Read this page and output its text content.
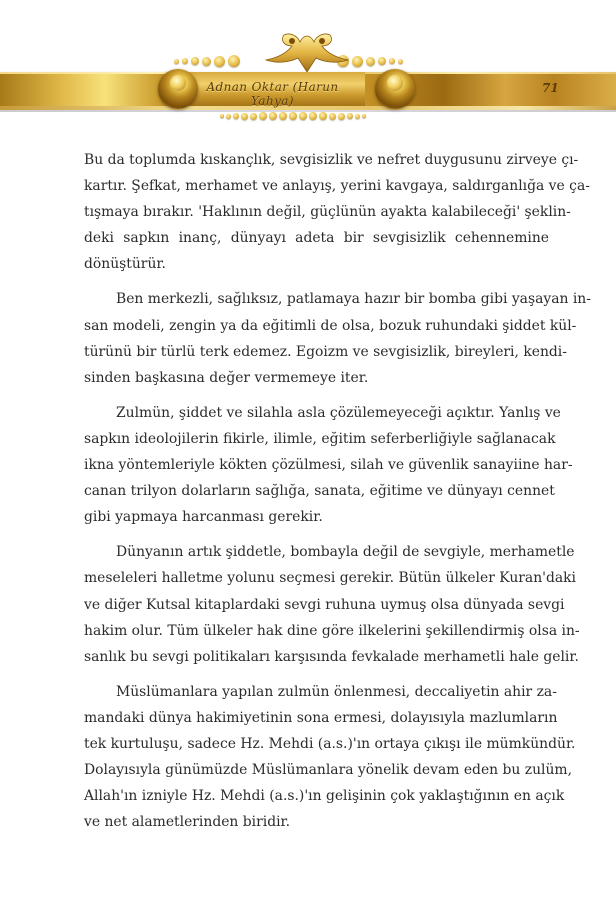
Adnan Oktar (Harun Yahya)
71

Bu da toplumda kıskançlık, sevgisizlik ve nefret duygusunu zirveye çı-
kartır. Şefkat, merhamet ve anlayış, yerini kavgaya, saldırganlığa ve ça-
tışmaya bırakır. 'Haklının değil, güçlünün ayakta kalabileceği' şeklin-
deki sapkın inanç, dünyayı adeta bir sevgisizlik cehennemine
dönüştürür.

Ben merkezli, sağlıksız, patlamaya hazır bir bomba gibi yaşayan in-
san modeli, zengin ya da eğitimli de olsa, bozuk ruhundaki şiddet kül-
türünü bir türlü terk edemez. Egoizm ve sevgisizlik, bireyleri, kendi-
sinden başkasına değer vermemeye iter.

Zulmün, şiddet ve silahla asla çözülemeyeceği açıktır. Yanlış ve
sapkın ideolojilerin fikirle, ilimle, eğitim seferberliğiyle sağlanacak
ikna yöntemleriyle kökten çözülmesi, silah ve güvenlik sanayiine har-
canan trilyon dolarların sağlığa, sanata, eğitime ve dünyayı cennet
gibi yapmaya harcanması gerekir.

Dünyanın artık şiddetle, bombayla değil de sevgiyle, merhametle
meseleleri halletme yolunu seçmesi gerekir. Bütün ülkeler Kuran'daki
ve diğer Kutsal kitaplardaki sevgi ruhuna uymuş olsa dünyada sevgi
hakim olur. Tüm ülkeler hak dine göre ilkelerini şekillendirmiş olsa in-
sanlık bu sevgi politikaları karşısında fevkalade merhametli hale gelir.

Müslümanlara yapılan zulmün önlenmesi, deccaliyetin ahir za-
mandaki dünya hakimiyetinin sona ermesi, dolayısıyla mazlumların
tek kurtuluşu, sadece Hz. Mehdi (a.s.)'ın ortaya çıkışı ile mümkündür.
Dolayısıyla günümüzde Müslümanlara yönelik devam eden bu zulüm,
Allah'ın izniyle Hz. Mehdi (a.s.)'ın gelişinin çok yaklaştığının en açık
ve net alametlerinden biridir.
